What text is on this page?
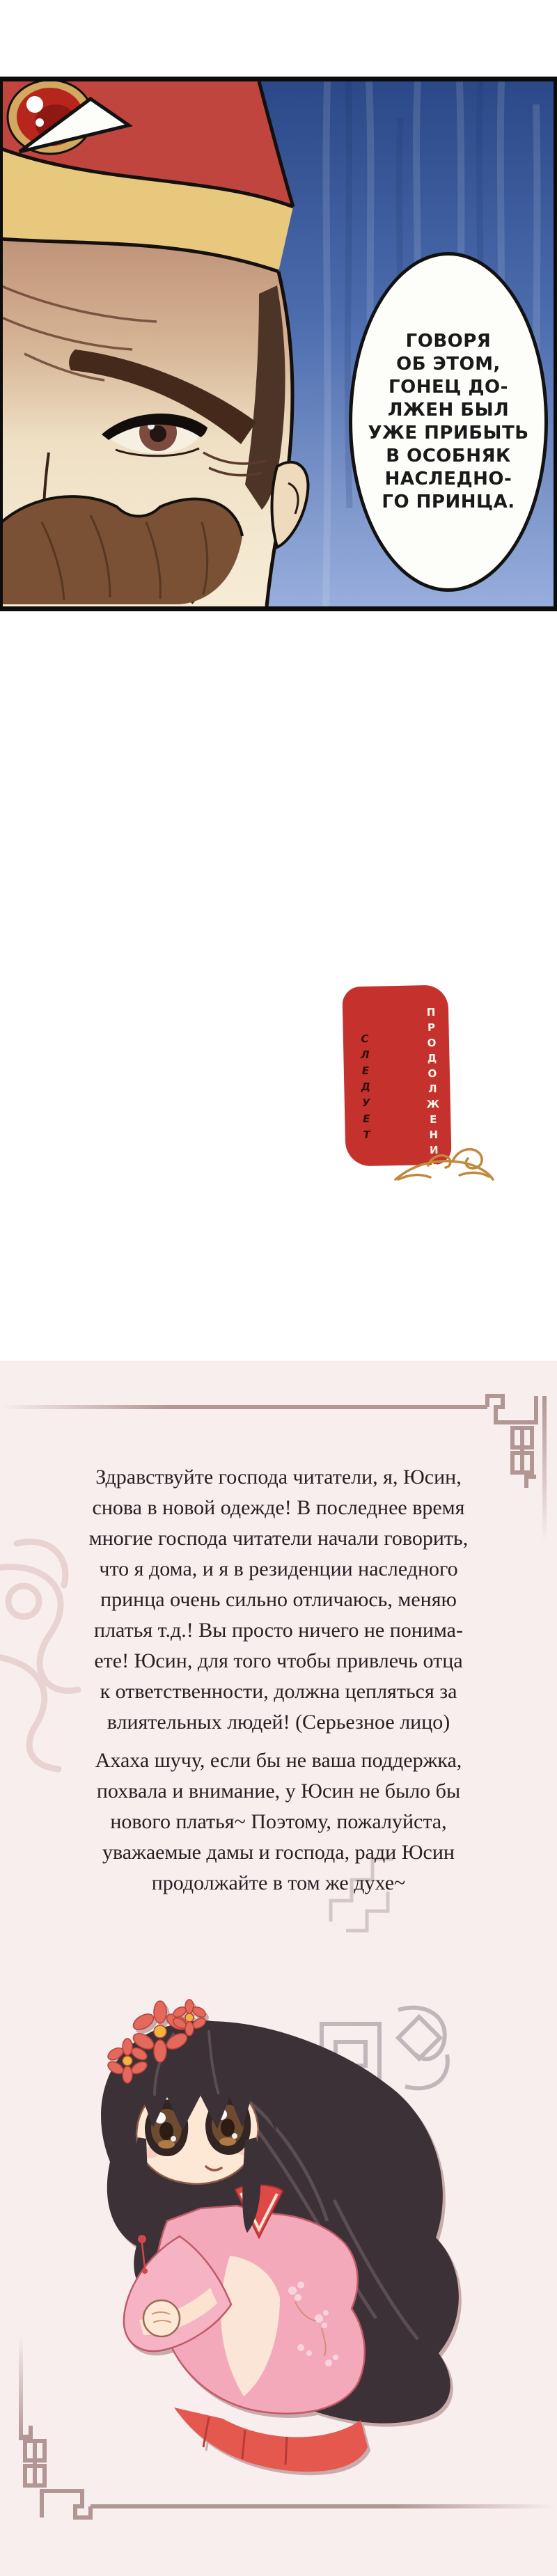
ГОВОРЯ
ОБ ЭТОМ,
ГОНЕЦ ДО-
ЛЖЕН БЫЛ
УЖЕ ПРИБЫТЬ
В ОСОБНЯК
НАСЛЕДНО-
ГО ПРИНЦА.
ПРОДОЛЖЕНИЕ
СЛЕДУЕТ
Здравствуйте господа читатели, я, Юсин,
снова в новой одежде! В последнее время
многие господа читатели начали говорить,
что я дома, и я в резиденции наследного
принца очень сильно отличаюсь, меняю
платья т.д.! Вы просто ничего не понима-
ете! Юсин, для того чтобы привлечь отца
к ответственности, должна цепляться за
влиятельных людей! (Серьезное лицо)
Ахаха шучу, если бы не ваша поддержка,
похвала и внимание, у Юсин не было бы
нового платья~ Поэтому, пожалуйста,
уважаемые дамы и господа, ради Юсин
продолжайте в том же духе~
